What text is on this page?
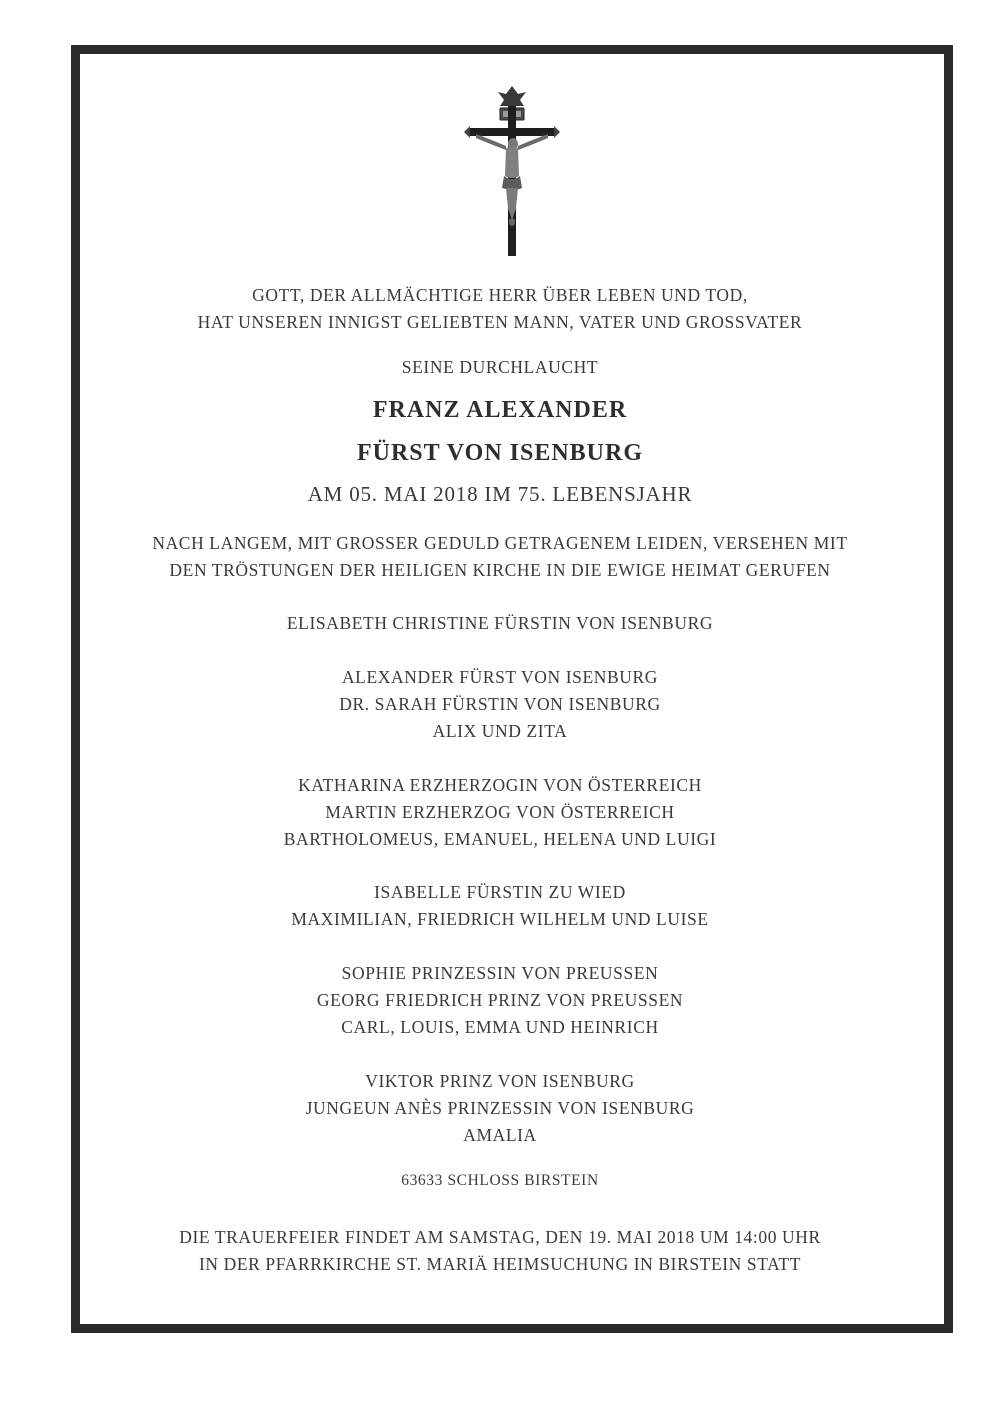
GOTT, DER ALLMÄCHTIGE HERR ÜBER LEBEN UND TOD,
HAT UNSEREN INNIGST GELIEBTEN MANN, VATER UND GROSSVATER
SEINE DURCHLAUCHT
FRANZ ALEXANDER
FÜRST VON ISENBURG
AM 05. MAI 2018 IM 75. LEBENSJAHR
NACH LANGEM, MIT GROSSER GEDULD GETRAGENEM LEIDEN, VERSEHEN MIT
DEN TRÖSTUNGEN DER HEILIGEN KIRCHE IN DIE EWIGE HEIMAT GERUFEN
ELISABETH CHRISTINE FÜRSTIN VON ISENBURG
ALEXANDER FÜRST VON ISENBURG
DR. SARAH FÜRSTIN VON ISENBURG
ALIX UND ZITA
KATHARINA ERZHERZOGIN VON ÖSTERREICH
MARTIN ERZHERZOG VON ÖSTERREICH
BARTHOLOMEUS, EMANUEL, HELENA UND LUIGI
ISABELLE FÜRSTIN ZU WIED
MAXIMILIAN, FRIEDRICH WILHELM UND LUISE
SOPHIE PRINZESSIN VON PREUSSEN
GEORG FRIEDRICH PRINZ VON PREUSSEN
CARL, LOUIS, EMMA UND HEINRICH
VIKTOR PRINZ VON ISENBURG
JUNGEUN ANÈS PRINZESSIN VON ISENBURG
AMALIA
63633 SCHLOSS BIRSTEIN
DIE TRAUERFEIER FINDET AM SAMSTAG, DEN 19. MAI 2018 UM 14:00 UHR
IN DER PFARRKIRCHE ST. MARIÄ HEIMSUCHUNG IN BIRSTEIN STATT
